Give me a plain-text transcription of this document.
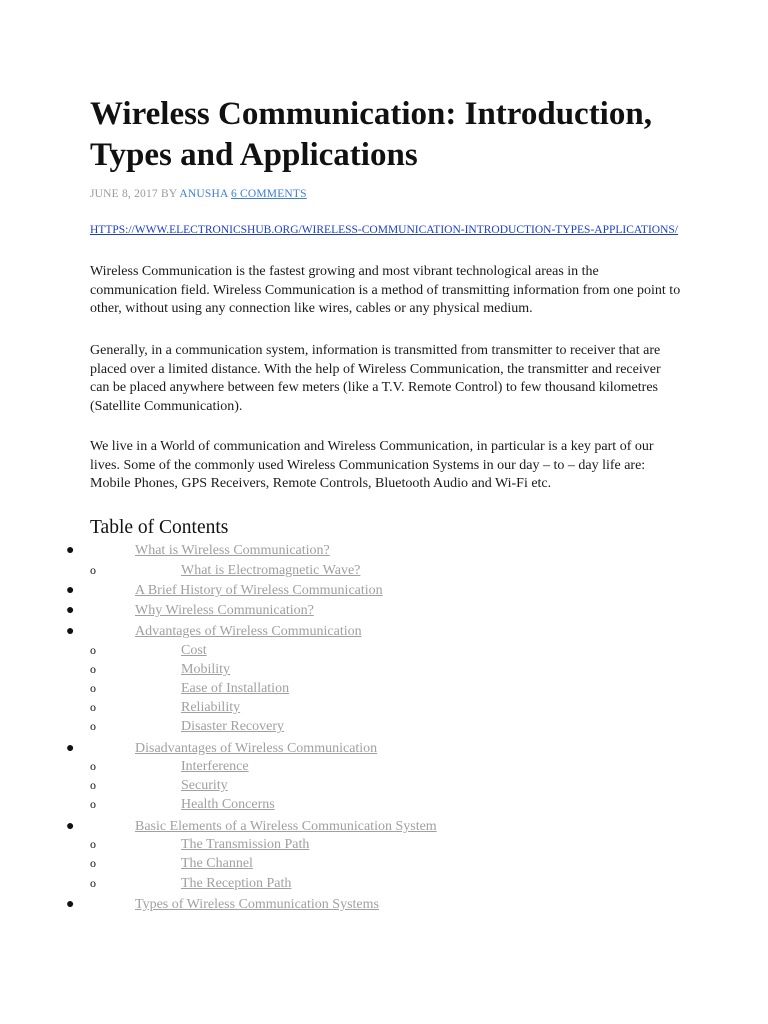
Wireless Communication: Introduction, Types and Applications
JUNE 8, 2017 BY ANUSHA 6 COMMENTS
HTTPS://WWW.ELECTRONICSHUB.ORG/WIRELESS-COMMUNICATION-INTRODUCTION-TYPES-APPLICATIONS/

Wireless Communication is the fastest growing and most vibrant technological areas in the communication field. Wireless Communication is a method of transmitting information from one point to other, without using any connection like wires, cables or any physical medium.

Generally, in a communication system, information is transmitted from transmitter to receiver that are placed over a limited distance. With the help of Wireless Communication, the transmitter and receiver can be placed anywhere between few meters (like a T.V. Remote Control) to few thousand kilometres (Satellite Communication).

We live in a World of communication and Wireless Communication, in particular is a key part of our lives. Some of the commonly used Wireless Communication Systems in our day – to – day life are: Mobile Phones, GPS Receivers, Remote Controls, Bluetooth Audio and Wi-Fi etc.

Table of Contents
●	What is Wireless Communication?
o	What is Electromagnetic Wave?
●	A Brief History of Wireless Communication
●	Why Wireless Communication?
●	Advantages of Wireless Communication
o	Cost
o	Mobility
o	Ease of Installation
o	Reliability
o	Disaster Recovery
●	Disadvantages of Wireless Communication
o	Interference
o	Security
o	Health Concerns
●	Basic Elements of a Wireless Communication System
o	The Transmission Path
o	The Channel
o	The Reception Path
●	Types of Wireless Communication Systems
